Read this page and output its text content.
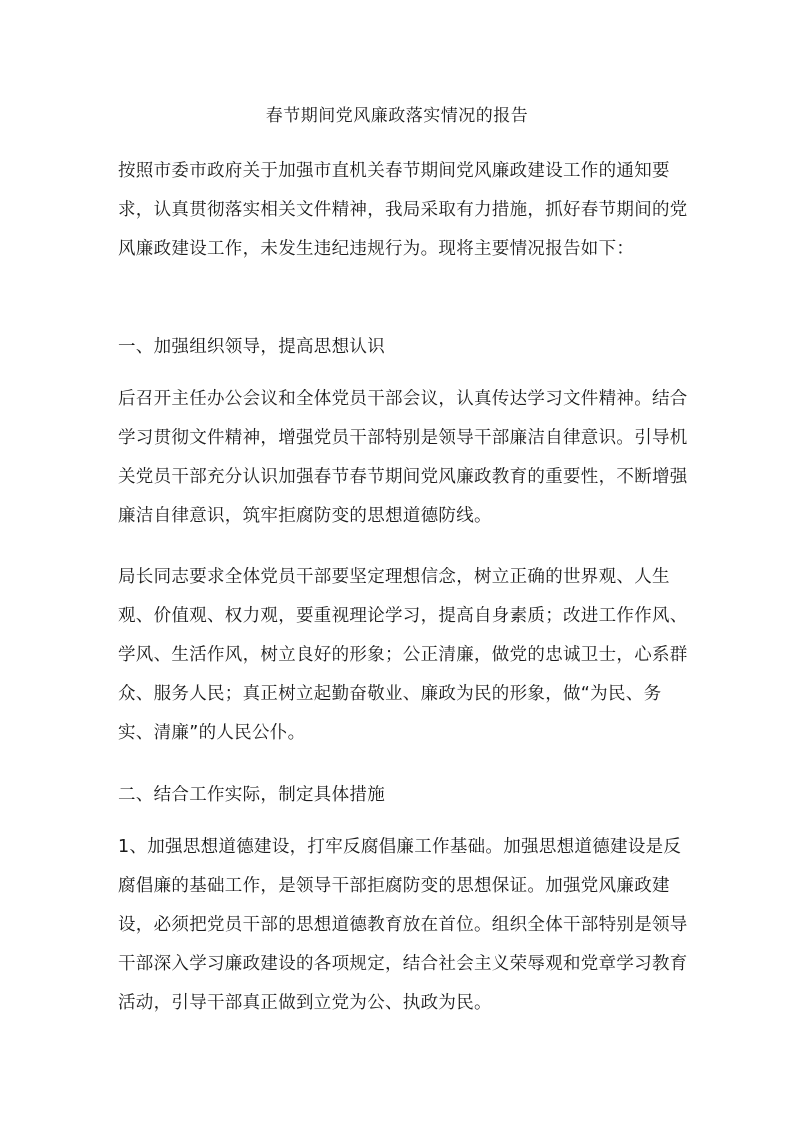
春节期间党风廉政落实情况的报告

按照市委市政府关于加强市直机关春节期间党风廉政建设工作的通知要求，认真贯彻落实相关文件精神，我局采取有力措施，抓好春节期间的党风廉政建设工作，未发生违纪违规行为。现将主要情况报告如下：

一、加强组织领导，提高思想认识

后召开主任办公会议和全体党员干部会议，认真传达学习文件精神。结合学习贯彻文件精神，增强党员干部特别是领导干部廉洁自律意识。引导机关党员干部充分认识加强春节春节期间党风廉政教育的重要性，不断增强廉洁自律意识，筑牢拒腐防变的思想道德防线。

局长同志要求全体党员干部要坚定理想信念，树立正确的世界观、人生观、价值观、权力观，要重视理论学习，提高自身素质；改进工作作风、学风、生活作风，树立良好的形象；公正清廉，做党的忠诚卫士，心系群众、服务人民；真正树立起勤奋敬业、廉政为民的形象，做“为民、务实、清廉”的人民公仆。

二、结合工作实际，制定具体措施

1、加强思想道德建设，打牢反腐倡廉工作基础。加强思想道德建设是反腐倡廉的基础工作，是领导干部拒腐防变的思想保证。加强党风廉政建设，必须把党员干部的思想道德教育放在首位。组织全体干部特别是领导干部深入学习廉政建设的各项规定，结合社会主义荣辱观和党章学习教育活动，引导干部真正做到立党为公、执政为民。
